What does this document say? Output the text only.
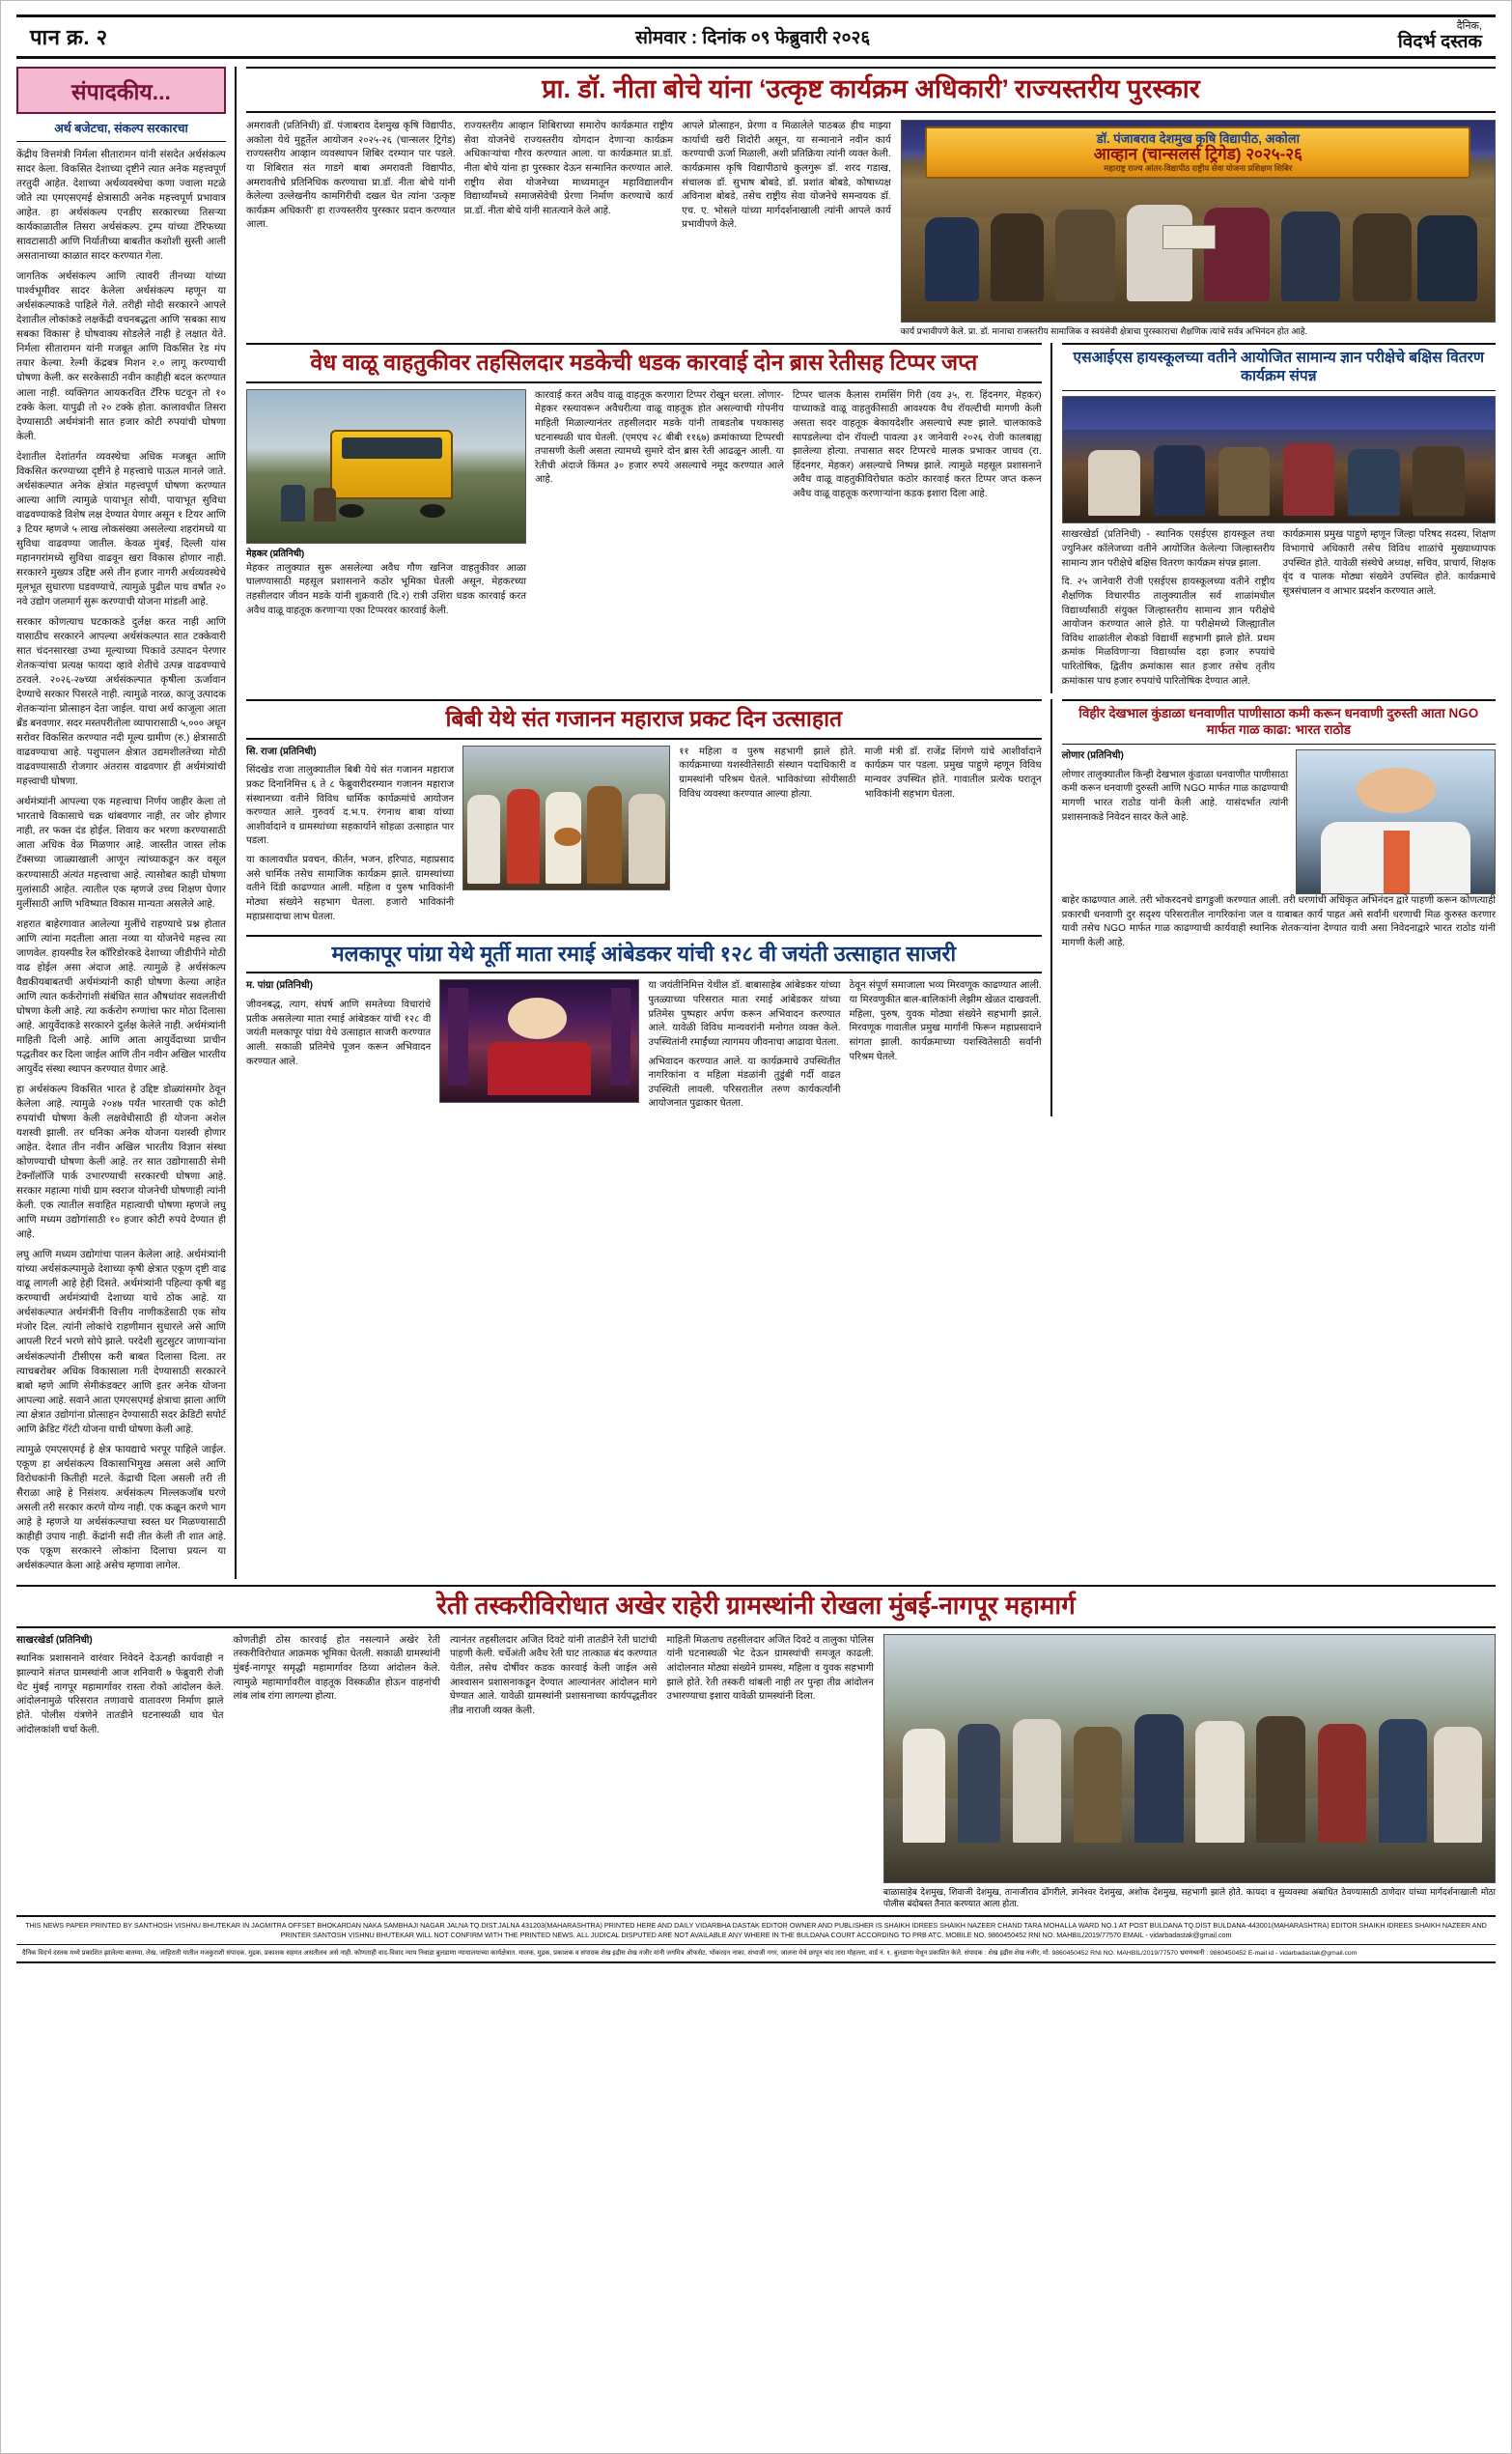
पान क्र. २	सोमवार : दिनांक ०९ फेब्रुवारी २०२६
दैनिक,
विदर्भ दस्तक
संपादकीय...
अर्थ बजेटचा, संकल्प सरकारचा

केंद्रीय वित्तमंत्री निर्मला सीतारामन यांनी संसदेत अर्थसंकल्प सादर केला. विकसित देशाच्या दृष्टीने त्यात अनेक महत्त्वपूर्ण तरतुदी आहेत. देशाच्या अर्थव्यवस्थेचा कणा ज्वाला मटळे जोते त्या एमएसएमई क्षेत्रासाठी अनेक महत्त्वपूर्ण प्रभावात्र आहेत. हा अर्थसंकल्प एनडीए सरकारच्या तिसऱ्या कार्यकाळातील तिसरा अर्थसंकल्प. ट्रम्प यांच्या टॅरिफच्या सावटासाठी आणि निर्यातीच्या बाबतीत कशोशी सुस्ती आली असतानाच्या काळात सादर करण्यात गेला.

जागतिक अर्थसंकल्प आणि त्यावरी तीनच्या यांच्या पार्श्वभूमीवर सादर केलेला अर्थसंकल्प म्हणून या अर्थसंकल्पाकडे पाहिले गेले. तरीही मोदी सरकारने आपले देशातील लोकांकडे लक्षकेंद्री वचनबद्धता आणि 'सबका साथ सबका विकास' हे घोषवाक्य सोडलेले नाही हे लक्षात येते. निर्मला सीतारामन यांनी मजबूत आणि विकसित रेड मंप तयार केल्या. रेल्मी केंद्रबत्र मिशन २.० लागू करण्याची घोषणा केली. कर सरकेसाठी नवीन काहीही बदल करण्यात आला नाही. व्यक्तिगत आयकरवित टॅरिफ घटवून तो १० टक्के केला. यापुढी तो २० टक्के होता. कालावधीत तिसरा देण्यासाठी अर्थमंत्रांनी सात हजार कोटी रुपयांची घोषणा केली.

देशातील देशांतर्गत व्यवस्थेचा अधिक मजबूत आणि विकसित करण्याच्या दृष्टीने हे महत्त्वाचे पाऊल मानले जाते. अर्थसंकल्पात अनेक क्षेत्रांत महत्त्वपूर्ण घोषणा करण्यात आल्या आणि त्यामुळे पायाभूत सोयी, पायाभूत सुविधा वाढवण्याकडे विशेष लक्ष देण्यात येणार असून १ टियर आणि ३ टियर म्हणजे ५ लाख लोकसंख्या असलेल्या शहरांमध्ये या सुविधा वाढवण्या जातील. केवळ मुंबई, दिल्ली यांस महानगरांमध्ये सुविधा वाढवून खरा विकास होणार नाही. सरकारने मुख्यत्र उद्दिष्ट असे तीन हजार नागरी अर्थव्यवस्थेचे मूलभूत सुधारणा घडवण्याचे, त्यामुळे पुढील पाच वर्षांत २० नवे उद्योग जलमार्ग सुरू करण्याची योजना मांडली आहे.

सरकार कोणत्याच घटकाकडे दुर्लक्ष करत नाही आणि यासाठीच सरकारने आपल्या अर्थसंकल्पात सात टक्केवारी सात चंदनसारखा उभ्या मूल्याच्या पिकावे उत्पादन पेरणार शेतकऱ्यांचा प्रत्यक्ष फायदा व्हावे शेतीचे उत्पन्न वाढवण्याचे ठरवले. २०२६-२७च्या अर्थसंकल्पात कृषीला ऊर्जावान देण्याचे सरकार पिसरले नाही. त्यामुळे नारळ, काजू उत्पादक शेतकऱ्यांना प्रोत्साहन देता जाईल. याचा अर्थ काजूला आता ब्रँड बनवणार. सदर मस्तपरीतोला व्यापारासाठी ५,००० अधून सरोवर विकसित करण्यात नदी मूल्य ग्रामीण (रु.) क्षेत्रासाठी वाढवण्याचा आहे. पशुपालन क्षेत्रात उद्यमशीलतेच्या मोठी वाढवण्यासाठी रोजगार अंतरास वाढवणार ही अर्थमंत्र्यांची महत्त्वाची घोषणा.

अर्थमंत्र्यांनी आपल्या एक महत्त्वाचा निर्णय जाहीर केला तो भारताचे विकासाचे चक्र थांबवणार नाही, तर जोर होणार नाही, तर फक्त दंड होईल. शिवाय कर भरणा करण्यासाठी आता अधिक वेळ मिळणार आहे. जास्तीत जास्त लोक टॅक्सच्या जाळ्याखाली आणून त्यांच्याकडून कर वसूल करण्यासाठी अंत्यंत महत्त्वाचा आहे. त्यासोबत काही घोषणा मुलांसाठी आहेत. त्यातील एक म्हणजे उच्च शिक्षण घेणार मुलींसाठी आणि भविष्यात विकास मान्यता असलेले आहे.

शहरात बाहेरगावात आलेल्या मुलींचे राहण्याचे प्रश्न होतात आणि त्यांना मदतीला आता नव्या या योजनेचे महत्त्व त्या जाणवेल. हायस्पीड रेल कॉरिडोरकडे देशाच्या जीडीपीने मोठी वाढ होईल असा अंदाज आहे. त्यामुळे हे अर्थसंकल्प वैद्यकीयबाबतची अर्थमंत्र्यांनी काही घोषणा केल्या आहेत आणि त्यात कर्करोगांशी संबंधित सात औषधांवर सवलतीची घोषणा केली आहे. त्या कर्करोग रुग्णांचा फार मोठा दिलासा आहे. आयुर्वेदाकडे सरकारने दुर्लक्ष केलेले नाही. अर्थमंत्र्यांनी माहिती दिली आहे. आणि आता आयुर्वेदाच्या प्राचीन पद्धतीवर कर दिला जाईल आणि तीन नवीन अखिल भारतीय आयुर्वेद संस्था स्थापन करण्यात येणार आहे.

हा अर्थसंकल्प विकसित भारत हे उद्दिष्ट डोळ्यांसमोर ठेवून केलेला आहे. त्यामुळे २०४७ पर्यंत भारताची एक कोटी रुपयांची घोषणा केली लक्षवेधीसाठी ही योजना अशेल यशस्वी झाली. तर धनिका अनेक योजना यशस्वी होणार आहेत. देशात तीन नवीन अखिल भारतीय विज्ञान संस्था कोणण्याची घोषणा केली आहे. तर सात उद्योगासाठी सेमी टेक्नॉलॉजि पार्क उभारण्याची सरकारची घोषणा आहे. सरकार महात्मा गांधी ग्राम स्वराज योजनेची घोषणाही त्यांनी केली. एक त्यातील सवाहित महात्वाची घोषणा म्हणजे लघु आणि मध्यम उद्योगांसाठी १० हजार कोटी रुपये देण्यात ही आहे.

लघु आणि मध्यम उद्योगांचा पालन केलेला आहे. अर्थमंत्र्यांनी यांच्या अर्थसंकल्पामुळे देशाच्या कृषी क्षेत्रात एकूण दृष्टी वाढ वाढू लागली आहे हेही दिसते. अर्थमंत्र्यांनी पहिल्या कृषी बहु करण्याची अर्थमंत्र्यांची देशाच्या याचे ठोक आहे. या अर्थसंकल्पात अर्थमंत्रींनी वित्तीय नाणीकडेसाठी एक सोय मंजोर दिल. त्यांनी लोकांचे राहणीमान सुधारले असे आणि आपली रिटर्न भरणे सोपे झाले. परदेशी सुटसुटर जाणाऱ्यांना अर्थसंकल्पांनी टीसीएस करी बाबत दिलासा दिला. तर त्याचबरोबर अधिक विकासाला गती देण्यासाठी सरकारने बाबो म्हणे आणि सेमीकंडक्टर आणि इतर अनेक योजना आपल्या आहे. सवाने आता एमएसएमई क्षेत्राचा झाला आणि त्या क्षेत्रात उद्योगांना प्रोत्साहन देण्यासाठी सदर क्रेडिटी सपोर्ट आणि क्रेडिट गॅरंटी योजना याची घोषणा केली आहे.

त्यामुळे एमएसएमई हे क्षेत्र फायद्याचे भरपूर पाहिले जाईल. एकूण हा अर्थसंकल्प विकासाभिमुख असला असे आणि विरोधकांनी कितीही मटले. केंद्राची दिला असली तरी ती सैराळा आहे हे निसंशय. अर्थसंकल्प मिल्लकजॉब घरणे असली तरी सरकार करणे योग्य नाही. एक कळून करणे भाग आहे हे म्हणजे या अर्थसंकल्पाचा स्वस्त घर मिळण्यासाठी काहीही उपाय नाही. केंद्रांनी सदी तीत केली ती शात आहे. एक एकूण सरकारने लोकांना दिलाचा प्रयत्न या अर्थसंकल्पात केला आहे असेच म्हणावा लागेल.

प्रा. डॉ. नीता बोचे यांना ‘उत्कृष्ट कार्यक्रम अधिकारी’ राज्यस्तरीय पुरस्कार

अमरावती (प्रतिनिधी) डॉ. पंजाबराव देशमुख कृषि विद्यापीठ, अकोला येथे मुहूर्तेल आयोजन २०२५-२६ (चान्सलर ट्रिगेड) राज्यस्तरीय आव्हान व्यवस्थापन शिबिर दरम्यान पार पडले. या शिबिरात संत गाडगे बाबा अमरावती विद्यापीठ, अमरावतीचे प्रतिनिधिक करण्याचा प्रा.डॉ. नीता बोचे यांनी केलेल्या उल्लेखनीय कामगिरीची दखल घेत त्यांना ‘उत्कृष्ट कार्यक्रम अधिकारी’ हा राज्यस्तरीय पुरस्कार प्रदान करण्यात आला.

राज्यस्तरीय आव्हान शिबिराच्या समारोप कार्यक्रमात राष्ट्रीय सेवा योजनेचे राज्यस्तरीय योगदान देणाऱ्या कार्यक्रम अधिकाऱ्यांचा गौरव करण्यात आला. या कार्यक्रमात प्रा.डॉ. नीता बोचे यांना हा पुरस्कार देऊन सन्मानित करण्यात आले. राष्ट्रीय सेवा योजनेच्या माध्यमातून महाविद्यालयीन विद्यार्थ्यांमध्ये समाजसेवेची प्रेरणा निर्माण करण्याचे कार्य प्रा.डॉ. नीता बोचे यांनी सातत्याने केले आहे.

आपले प्रोत्साहन, प्रेरणा व मिळालेले पाठबळ हीच माझ्या कार्याची खरी शिदोरी असून, या सन्मानाने नवीन कार्य करण्याची ऊर्जा मिळाली, अशी प्रतिक्रिया त्यांनी व्यक्त केली. कार्यक्रमास कृषि विद्यापीठाचे कुलगुरू डॉ. शरद गडाख, संचालक डॉ. सुभाष बोबडे, डॉ. प्रशांत बोबडे, कोषाध्यक्ष अविनाश बोबडे, तसेच राष्ट्रीय सेवा योजनेचे समन्वयक डॉ. एच. ए. भोसले यांच्या मार्गदर्शनाखाली त्यांनी आपले कार्य प्रभावीपणे केले.

डॉ. पंजाबराव देशमुख कृषि विद्यापीठ, अकोला
आव्हान (चान्सलर्स ट्रिगेड) २०२५-२६
महाराष्ट्र राज्य आंतर-विद्यापीठ राष्ट्रीय सेवा योजना प्रशिक्षण शिबिर
कार्य प्रभावीपणे केले. प्रा. डॉ. मानाचा राजस्तरीय सामाजिक व स्वयंसेवी क्षेत्राचा पुरस्काराचा शैक्षणिक त्यांचे सर्वत्र अभिनंदन होत आहे.
वेध वाळू वाहतुकीवर तहसिलदार मडकेची धडक कारवाई दोन ब्रास रेतीसह टिप्पर जप्त
मेहकर (प्रतिनिधी)

मेहकर तालुक्यात सुरू असलेल्या अवैध गौण खनिज वाहतुकीवर आळा घालण्यासाठी महसूल प्रशासनाने कठोर भूमिका घेतली असून, मेहकरच्या तहसीलदार जीवन मडके यांनी शुक्रवारी (दि.२) रात्री उशिरा धडक कारवाई करत अवैध वाळू वाहतूक करणाऱ्या एका टिप्परवर कारवाई केली.

कारवाई करत अवैध वाळू वाहतूक करणारा टिप्पर रोखून धरला. लोणार-मेहकर रस्त्यावरून अवैधरीत्या वाळू वाहतूक होत असल्याची गोपनीय माहिती मिळाल्यानंतर तहसीलदार मडके यांनी ताबडतोब पथकासह घटनास्थळी धाव घेतली. (एमएच २८ बीबी ११६७) क्रमांकाच्या टिप्परची तपासणी केली असता त्यामध्ये सुमारे दोन ब्रास रेती आढळून आली. या रेतीची अंदाजे किंमत ३० हजार रुपये असल्याचे नमूद करण्यात आले आहे.

टिप्पर चालक कैलास रामसिंग गिरी (वय ३५, रा. हिंदनगर, मेहकर) याच्याकडे वाळू वाहतुकीसाठी आवश्यक वैध रॉयल्टीची मागणी केली असता सदर वाहतूक बेकायदेशीर असल्याचे स्पष्ट झाले. चालकाकडे सापडलेल्या दोन रॉयल्टी पावत्या ३१ जानेवारी २०२६ रोजी कालबाह्य झालेल्या होत्या. तपासात सदर टिप्परचे मालक प्रभाकर जाधव (रा. हिंदनगर, मेहकर) असल्याचे निष्पन्न झाले. त्यामुळे महसूल प्रशासनाने अवैध वाळू वाहतुकीविरोधात कठोर कारवाई करत टिप्पर जप्त करून अवैध वाळू वाहतूक करणाऱ्यांना कडक इशारा दिला आहे.

एसआईएस हायस्कूलच्या वतीने आयोजित सामान्य ज्ञान परीक्षेचे बक्षिस वितरण कार्यक्रम संपन्न

साखरखेर्डा (प्रतिनिधी) - स्थानिक एसईएस हायस्कूल तथा ज्युनिअर कॉलेजच्या वतीने आयोजित केलेल्या जिल्हास्तरीय सामान्य ज्ञान परीक्षेचे बक्षिस वितरण कार्यक्रम संपन्न झाला.

दि. २५ जानेवारी रोजी एसईएस हायस्कूलच्या वतीने राष्ट्रीय शैक्षणिक विचारपीठ तालुक्यातील सर्व शाळांमधील विद्यार्थ्यांसाठी संयुक्त जिल्हास्तरीय सामान्य ज्ञान परीक्षेचे आयोजन करण्यात आले होते. या परीक्षेमध्ये जिल्ह्यातील विविध शाळांतील शेकडो विद्यार्थी सहभागी झाले होते. प्रथम क्रमांक मिळविणाऱ्या विद्यार्थ्यास दहा हजार रुपयांचे पारितोषिक, द्वितीय क्रमांकास सात हजार तसेच तृतीय क्रमांकास पाच हजार रुपयांचे पारितोषिक देण्यात आले.

कार्यक्रमास प्रमुख पाहुणे म्हणून जिल्हा परिषद सदस्य, शिक्षण विभागाचे अधिकारी तसेच विविध शाळांचे मुख्याध्यापक उपस्थित होते. यावेळी संस्थेचे अध्यक्ष, सचिव, प्राचार्य, शिक्षक वृंद व पालक मोठ्या संख्येने उपस्थित होते. कार्यक्रमाचे सूत्रसंचालन व आभार प्रदर्शन करण्यात आले.

बिबी येथे संत गजानन महाराज प्रकट दिन उत्साहात

सि. राजा (प्रतिनिधी)

सिंदखेड राजा तालुक्यातील बिबी येथे संत गजानन महाराज प्रकट दिनानिमित्त ६ ते ८ फेब्रुवारीदरम्यान गजानन महाराज संस्थानच्या वतीने विविध धार्मिक कार्यक्रमांचे आयोजन करण्यात आले. गुरुवर्य द.भ.प. रंगनाथ बाबा यांच्या आशीर्वादाने व ग्रामस्थांच्या सहकार्याने सोहळा उत्साहात पार पडला.

या कालावधीत प्रवचन, कीर्तन, भजन, हरिपाठ, महाप्रसाद असे धार्मिक तसेच सामाजिक कार्यक्रम झाले. ग्रामस्थांच्या वतीने दिंडी काढण्यात आली. महिला व पुरुष भाविकांनी मोठ्या संख्येने सहभाग घेतला. हजारो भाविकांनी महाप्रसादाचा लाभ घेतला.

११ महिला व पुरुष सहभागी झाले होते. कार्यक्रमाच्या यशस्वीतेसाठी संस्थान पदाधिकारी व ग्रामस्थांनी परिश्रम घेतले. भाविकांच्या सोयीसाठी विविध व्यवस्था करण्यात आल्या होत्या.

माजी मंत्री डॉ. राजेंद्र शिंगणे यांचे आशीर्वादाने कार्यक्रम पार पडला. प्रमुख पाहुणे म्हणून विविध मान्यवर उपस्थित होते. गावातील प्रत्येक घरातून भाविकांनी सहभाग घेतला.

मलकापूर पांग्रा येथे मूर्ती माता रमाई आंबेडकर यांची १२८ वी जयंती उत्साहात साजरी

म. पांग्रा (प्रतिनिधी)

जीवनबद्ध, त्याग, संघर्ष आणि समतेच्या विचारांचे प्रतीक असलेल्या माता रमाई आंबेडकर यांची १२८ वी जयंती मलकापूर पांग्रा येथे उत्साहात साजरी करण्यात आली. सकाळी प्रतिमेचे पूजन करून अभिवादन करण्यात आले.

या जयंतीनिमित्त येथील डॉ. बाबासाहेब आंबेडकर यांच्या पुतळ्याच्या परिसरात माता रमाई आंबेडकर यांच्या प्रतिमेस पुष्पहार अर्पण करून अभिवादन करण्यात आले. यावेळी विविध मान्यवरांनी मनोगत व्यक्त केले. उपस्थितांनी रमाईंच्या त्यागमय जीवनाचा आढावा घेतला.

अभिवादन करण्यात आले. या कार्यक्रमाचे उपस्थितीत नागरिकांना व महिला मंडळांनी तुडुंबी गर्दी वाढत उपस्थिती लावली. परिसरातील तरुण कार्यकर्त्यांनी आयोजनात पुढाकार घेतला.

ठेवून संपूर्ण समाजाला भव्य मिरवणूक काढण्यात आली. या मिरवणुकीत बाल-बालिकांनी लेझीम खेळत दाखवली. महिला, पुरुष, युवक मोठ्या संख्येने सहभागी झाले. मिरवणूक गावातील प्रमुख मार्गांनी फिरून महाप्रसादाने सांगता झाली. कार्यक्रमाच्या यशस्वितेसाठी सर्वांनी परिश्रम घेतले.

विहीर देखभाल कुंडाळा धनवाणीत पाणीसाठा कमी करून धनवाणी दुरुस्ती आता NGO मार्फत गाळ काढा: भारत राठोड

लोणार (प्रतिनिधी)

लोणार तालुक्यातील किन्ही देखभाल कुंडाळा धनवाणीत पाणीसाठा कमी करून धनवाणी दुरुस्ती आणि NGO मार्फत गाळ काढण्याची मागणी भारत राठोड यांनी केली आहे. यासंदर्भात त्यांनी प्रशासनाकडे निवेदन सादर केले आहे.

बाहेर काढण्यात आले. तरी भोकरदनचे डागडुजी करण्यात आली. तरी धरणांची अधिकृत अभिनंदन द्वारे पाहणी करून कोणत्याही प्रकारची धनवाणी दुर सदृश्य परिसरातील नागरिकांना जल व याबाबत कार्य पाहत असे सर्वांनी धरणाची मिळ कुरुस्त करणार यावी तसेच NGO मार्फत गाळ काढण्याची कार्यवाही स्थानिक शेतकऱ्यांना देण्यात यावी असा निवेदनाद्वारे भारत राठोड यांनी मागणी केली आहे.

रेती तस्करीविरोधात अखेर राहेरी ग्रामस्थांनी रोखला मुंबई-नागपूर महामार्ग

साखरखेर्डा (प्रतिनिधी)

स्थानिक प्रशासनाने वारंवार निवेदने देऊनही कार्यवाही न झाल्याने संतप्त ग्रामस्थांनी आज शनिवारी ७ फेब्रुवारी रोजी थेट मुंबई नागपूर महामार्गावर रास्ता रोको आंदोलन केले. आंदोलनामुळे परिसरात तणावाचे वातावरण निर्माण झाले होते. पोलीस यंत्रणेने तातडीने घटनास्थळी धाव घेत आंदोलकांशी चर्चा केली.

कोणतीही ठोस कारवाई होत नसल्याने अखेर रेती तस्करीविरोधात आक्रमक भूमिका घेतली. सकाळी ग्रामस्थांनी मुंबई-नागपूर समृद्धी महामार्गावर ठिय्या आंदोलन केले. त्यामुळे महामार्गावरील वाहतूक विस्कळीत होऊन वाहनांची लांब लांब रांगा लागल्या होत्या.

त्यानंतर तहसीलदार अजित दिवटे यांनी तातडीने रेती घाटांची पाहणी केली. चर्चेअंती अवैध रेती घाट तात्काळ बंद करण्यात येतील, तसेच दोषींवर कडक कारवाई केली जाईल असे आश्वासन प्रशासनाकडून देण्यात आल्यानंतर आंदोलन मागे घेण्यात आले. यावेळी ग्रामस्थांनी प्रशासनाच्या कार्यपद्धतीवर तीव्र नाराजी व्यक्त केली.

माहिती मिळताच तहसीलदार अजित दिवटे व तालुका पोलिस यांनी घटनास्थळी भेट देऊन ग्रामस्थांची समजूत काढली. आंदोलनात मोठ्या संख्येने ग्रामस्थ, महिला व युवक सहभागी झाले होते. रेती तस्करी थांबली नाही तर पुन्हा तीव्र आंदोलन उभारण्याचा इशारा यावेळी ग्रामस्थांनी दिला.

बाळासाहेब देशमुख, शिवाजी देशमुख, तानाजीराव ढोंगरीले, ज्ञानेश्वर देशमुख, अशोक देशमुख, सहभागी झाले होते. कायदा व सुव्यवस्था अबाधित ठेवण्यासाठी ठाणेदार यांच्या मार्गदर्शनाखाली मोठा पोलीस बंदोबस्त तैनात करण्यात आला होता.
THIS NEWS PAPER PRINTED BY SANTHOSH VISHNU BHUTEKAR IN JAGMITRA OFFSET BHOKARDAN NAKA SAMBHAJI NAGAR JALNA TQ.DIST.JALNA 431203(MAHARASHTRA) PRINTED HERE AND DAILY VIDARBHA DASTAK EDITOR OWNER AND PUBLISHER IS SHAIKH IDREES SHAIKH NAZEER CHAND TARA MOHALLA WARD NO.1 AT POST BULDANA TQ.DIST BULDANA-443001(MAHARASHTRA) EDITOR SHAIKH IDREES SHAIKH NAZEER AND PRINTER SANTOSH VISHNU BHUTEKAR WILL NOT CONFIRM WITH THE PRINTED NEWS. ALL JUDICAL DISPUTED ARE NOT AVAILABLE ANY WHERE IN THE BULDANA COURT ACCORDING TO PRB ATC. MOBILE NO. 9860450452 RNI NO. MAHBIL/2019/77570 EMAIL - vidarbadastak@gmail.com
दैनिक विदर्भ दस्तक मध्ये प्रकाशित झालेल्या बातम्या, लेख, जाहिराती यातील मजकुराशी संपादक, मुद्रक, प्रकाशक सहमत असतीलच असे नाही. कोणताही वाद-विवाद न्याय निवाडा बुलडाणा न्यायालयाच्या कार्यक्षेत्रात. मालक, मुद्रक, प्रकाशक व संपादक शेख इद्रीस शेख नजीर यांनी जगमित्र ऑफसेट, भोकरदन नाका, संभाजी नगर, जालना येथे छापून चांद तारा मोहल्ला, वार्ड नं. १, बुलडाणा येथून प्रकाशित केले. संपादक : शेख इद्रीस शेख नजीर, मो. 9860450452 RNI NO. MAHBIL/2019/77570 भ्रमणध्वनी : 9860450452 E-mail id - vidarbadastak@gmail.com
